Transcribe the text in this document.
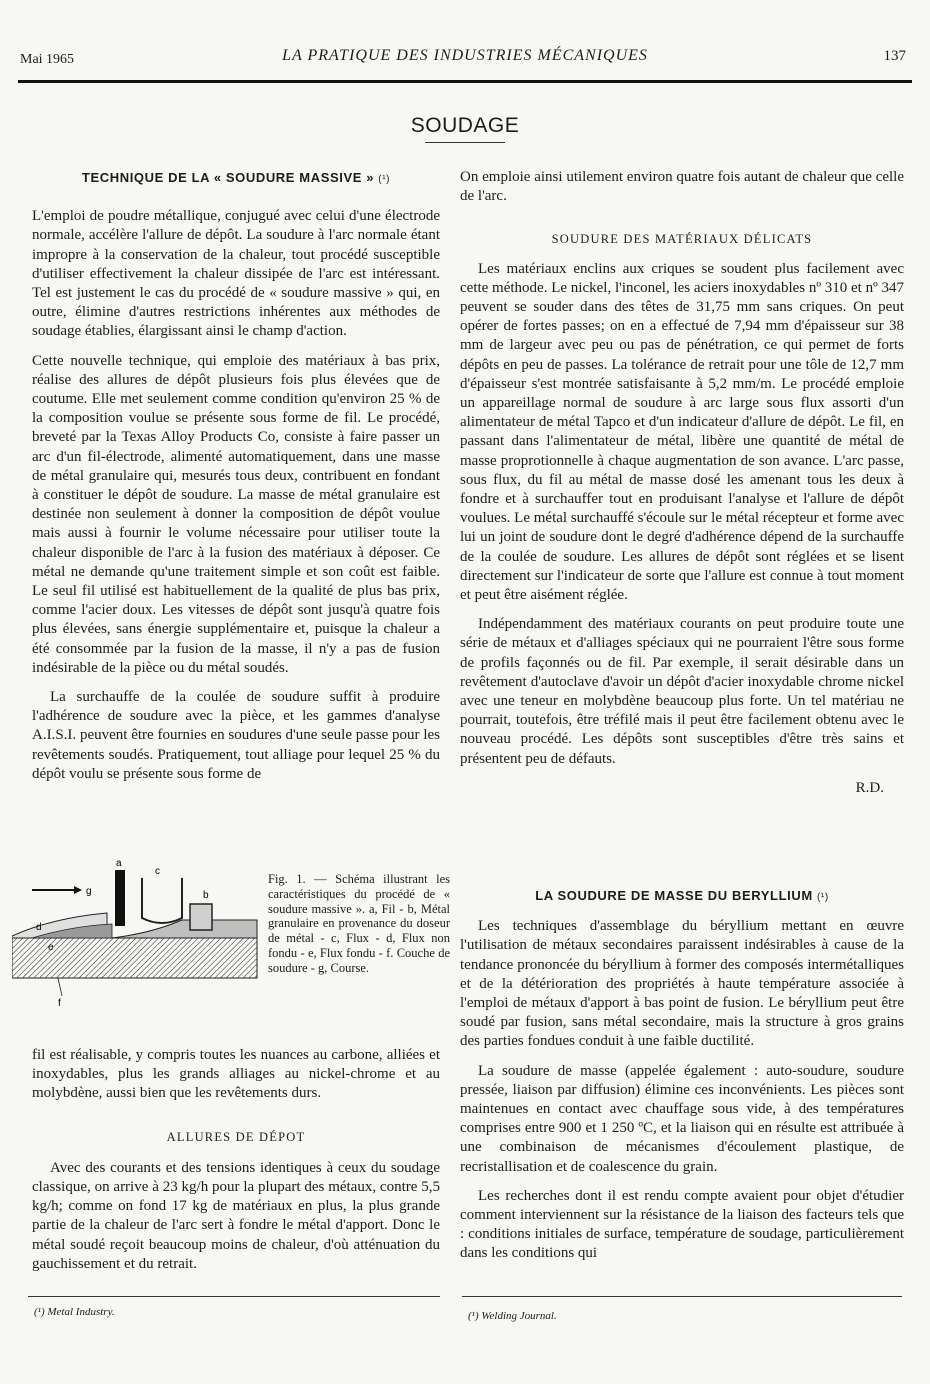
Mai 1965	LA PRATIQUE DES INDUSTRIES MÉCANIQUES	137
SOUDAGE

TECHNIQUE DE LA « SOUDURE MASSIVE » (¹)

L'emploi de poudre métallique, conjugué avec celui d'une électrode normale, accélère l'allure de dépôt. La soudure à l'arc normale étant impropre à la conservation de la chaleur, tout procédé susceptible d'utiliser effectivement la chaleur dissipée de l'arc est intéressant. Tel est justement le cas du procédé de « soudure massive » qui, en outre, élimine d'autres restrictions inhérentes aux méthodes de soudage établies, élargissant ainsi le champ d'action.

Cette nouvelle technique, qui emploie des matériaux à bas prix, réalise des allures de dépôt plusieurs fois plus élevées que de coutume. Elle met seulement comme condition qu'environ 25 % de la composition voulue se présente sous forme de fil. Le procédé, breveté par la Texas Alloy Products Co, consiste à faire passer un arc d'un fil-électrode, alimenté automatiquement, dans une masse de métal granulaire qui, mesurés tous deux, contribuent en fondant à constituer le dépôt de soudure. La masse de métal granulaire est destinée non seulement à donner la composition de dépôt voulue mais aussi à fournir le volume nécessaire pour utiliser toute la chaleur disponible de l'arc à la fusion des matériaux à déposer. Ce métal ne demande qu'une traitement simple et son coût est faible. Le seul fil utilisé est habituellement de la qualité de plus bas prix, comme l'acier doux. Les vitesses de dépôt sont jusqu'à quatre fois plus élevées, sans énergie supplémentaire et, puisque la chaleur a été consommée par la fusion de la masse, il n'y a pas de fusion indésirable de la pièce ou du métal soudés.

La surchauffe de la coulée de soudure suffit à produire l'adhérence de soudure avec la pièce, et les gammes d'analyse A.I.S.I. peuvent être fournies en soudures d'une seule passe pour les revêtements soudés. Pratiquement, tout alliage pour lequel 25 % du dépôt voulu se présente sous forme de

a
b
c
d
e
f
g
Fig. 1. — Schéma illustrant les caractéristiques du procédé de « soudure massive ». a, Fil - b, Métal granulaire en provenance du doseur de métal - c, Flux - d, Flux non fondu - e, Flux fondu - f. Couche de soudure - g, Course.

fil est réalisable, y compris toutes les nuances au carbone, alliées et inoxydables, plus les grands alliages au nickel-chrome et au molybdène, aussi bien que les revêtements durs.

ALLURES DE DÉPOT

Avec des courants et des tensions identiques à ceux du soudage classique, on arrive à 23 kg/h pour la plupart des métaux, contre 5,5 kg/h; comme on fond 17 kg de matériaux en plus, la plus grande partie de la chaleur de l'arc sert à fondre le métal d'apport. Donc le métal soudé reçoit beaucoup moins de chaleur, d'où atténuation du gauchissement et du retrait.

On emploie ainsi utilement environ quatre fois autant de chaleur que celle de l'arc.

SOUDURE DES MATÉRIAUX DÉLICATS

Les matériaux enclins aux criques se soudent plus facilement avec cette méthode. Le nickel, l'inconel, les aciers inoxydables nº 310 et nº 347 peuvent se souder dans des têtes de 31,75 mm sans criques. On peut opérer de fortes passes; on en a effectué de 7,94 mm d'épaisseur sur 38 mm de largeur avec peu ou pas de pénétration, ce qui permet de forts dépôts en peu de passes. La tolérance de retrait pour une tôle de 12,7 mm d'épaisseur s'est montrée satisfaisante à 5,2 mm/m. Le procédé emploie un appareillage normal de soudure à arc large sous flux assorti d'un alimentateur de métal Tapco et d'un indicateur d'allure de dépôt. Le fil, en passant dans l'alimentateur de métal, libère une quantité de métal de masse proprotionnelle à chaque augmentation de son avance. L'arc passe, sous flux, du fil au métal de masse dosé les amenant tous les deux à fondre et à surchauffer tout en produisant l'analyse et l'allure de dépôt voulues. Le métal surchauffé s'écoule sur le métal récepteur et forme avec lui un joint de soudure dont le degré d'adhérence dépend de la surchauffe de la coulée de soudure. Les allures de dépôt sont réglées et se lisent directement sur l'indicateur de sorte que l'allure est connue à tout moment et peut être aisément réglée.

Indépendamment des matériaux courants on peut produire toute une série de métaux et d'alliages spéciaux qui ne pourraient l'être sous forme de profils façonnés ou de fil. Par exemple, il serait désirable dans un revêtement d'autoclave d'avoir un dépôt d'acier inoxydable chrome nickel avec une teneur en molybdène beaucoup plus forte. Un tel matériau ne pourrait, toutefois, être tréfilé mais il peut être facilement obtenu avec le nouveau procédé. Les dépôts sont susceptibles d'être très sains et présentent peu de défauts.

R.D.

LA SOUDURE DE MASSE DU BERYLLIUM (¹)

Les techniques d'assemblage du béryllium mettant en œuvre l'utilisation de métaux secondaires paraissent indésirables à cause de la tendance prononcée du béryllium à former des composés intermétalliques et de la détérioration des propriétés à haute température associée à l'emploi de métaux d'apport à bas point de fusion. Le béryllium peut être soudé par fusion, sans métal secondaire, mais la structure à gros grains des parties fondues conduit à une faible ductilité.

La soudure de masse (appelée également : auto-soudure, soudure pressée, liaison par diffusion) élimine ces inconvénients. Les pièces sont maintenues en contact avec chauffage sous vide, à des températures comprises entre 900 et 1 250 ºC, et la liaison qui en résulte est attribuée à une combinaison de mécanismes d'écoulement plastique, de recristallisation et de coalescence du grain.

Les recherches dont il est rendu compte avaient pour objet d'étudier comment interviennent sur la résistance de la liaison des facteurs tels que : conditions initiales de surface, température de soudage, particulièrement dans les conditions qui

(¹) Metal Industry.	(¹) Welding Journal.
